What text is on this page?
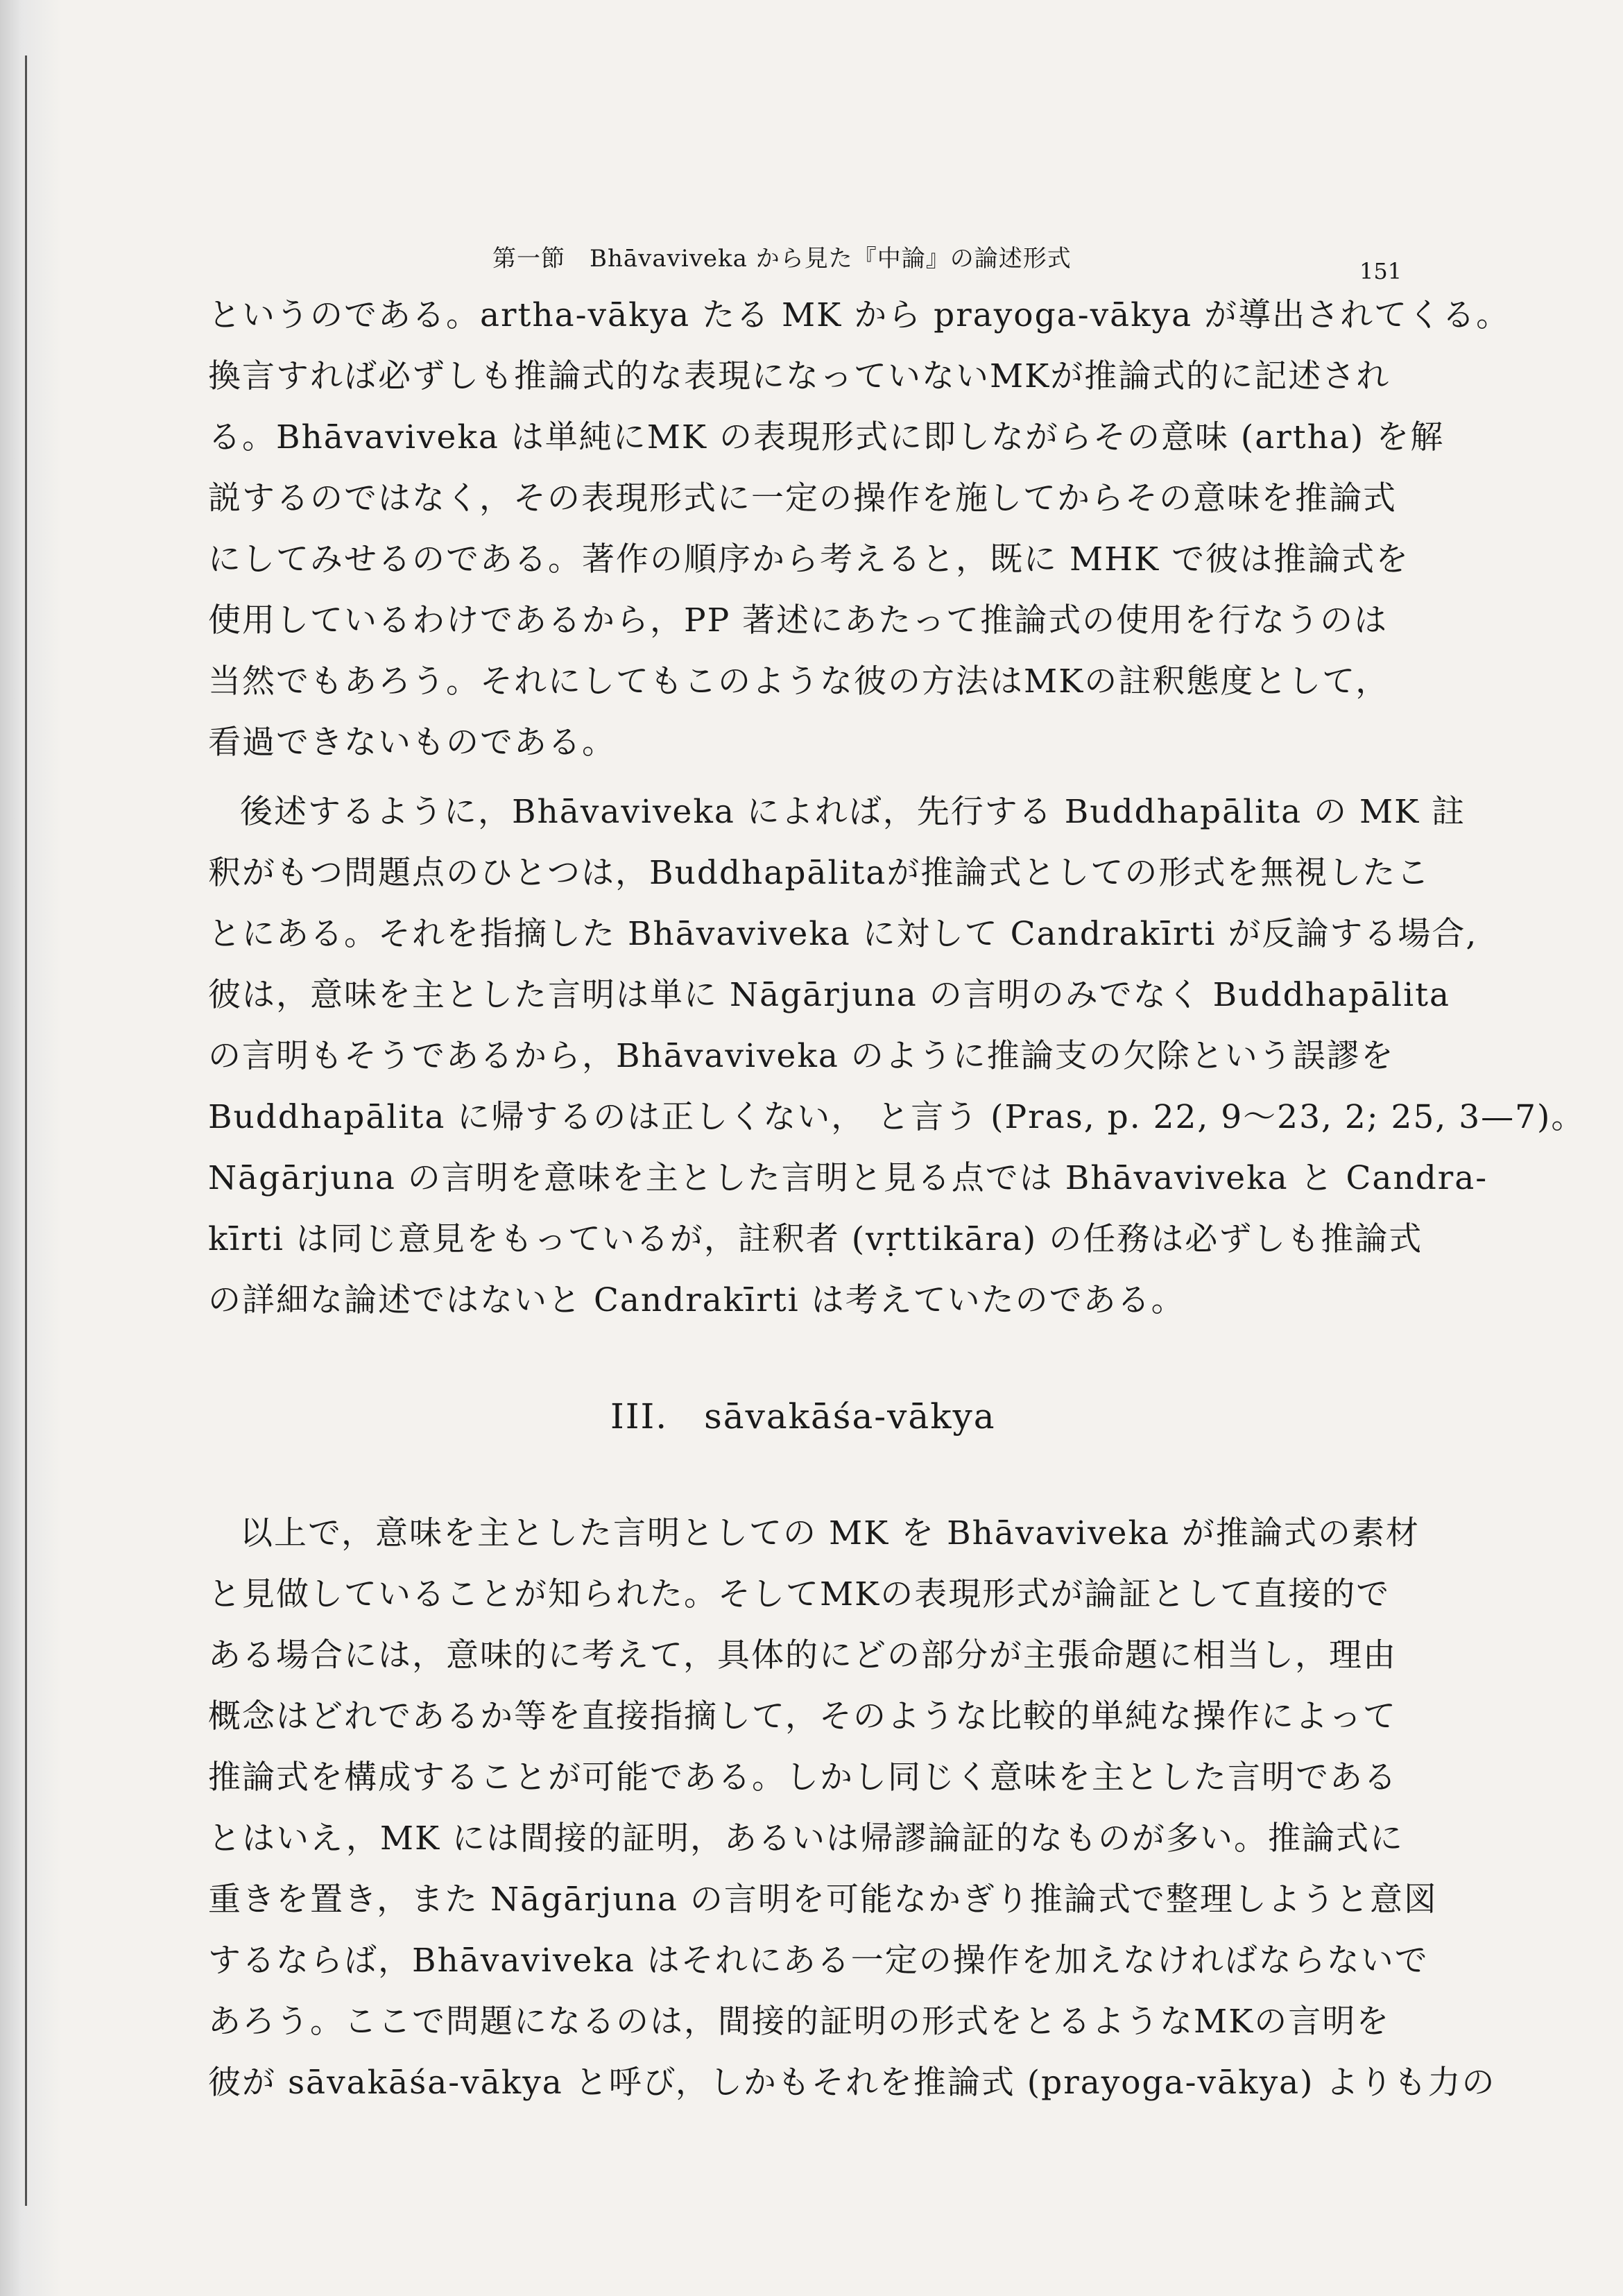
第一節　Bhāvaviveka から見た『中論』の論述形式	151
というのである。artha-vākya たる MK から prayoga-vākya が導出されてくる。
換言すれば必ずしも推論式的な表現になっていないMKが推論式的に記述され
る。Bhāvaviveka は単純にMK の表現形式に即しながらその意味 (artha) を解
説するのではなく，その表現形式に一定の操作を施してからその意味を推論式
にしてみせるのである。著作の順序から考えると，既に MHK で彼は推論式を
使用しているわけであるから，PP 著述にあたって推論式の使用を行なうのは
当然でもあろう。それにしてもこのような彼の方法はMKの註釈態度として，
看過できないものである。
後述するように，Bhāvaviveka によれば，先行する Buddhapālita の MK 註
釈がもつ問題点のひとつは，Buddhapālitaが推論式としての形式を無視したこ
とにある。それを指摘した Bhāvaviveka に対して Candrakīrti が反論する場合,
彼は，意味を主とした言明は単に Nāgārjuna の言明のみでなく Buddhapālita
の言明もそうであるから，Bhāvaviveka のように推論支の欠除という誤謬を
Buddhapālita に帰するのは正しくない， と言う (Pras, p. 22, 9～23, 2; 25, 3—7)。
Nāgārjuna の言明を意味を主とした言明と見る点では Bhāvaviveka と Candra-
kīrti は同じ意見をもっているが，註釈者 (vṛttikāra) の任務は必ずしも推論式
の詳細な論述ではないと Candrakīrti は考えていたのである。
III.　sāvakāśa-vākya
以上で，意味を主とした言明としての MK を Bhāvaviveka が推論式の素材
と見做していることが知られた。そしてMKの表現形式が論証として直接的で
ある場合には，意味的に考えて，具体的にどの部分が主張命題に相当し，理由
概念はどれであるか等を直接指摘して，そのような比較的単純な操作によって
推論式を構成することが可能である。しかし同じく意味を主とした言明である
とはいえ，MK には間接的証明，あるいは帰謬論証的なものが多い。推論式に
重きを置き，また Nāgārjuna の言明を可能なかぎり推論式で整理しようと意図
するならば，Bhāvaviveka はそれにある一定の操作を加えなければならないで
あろう。ここで問題になるのは，間接的証明の形式をとるようなMKの言明を
彼が sāvakāśa-vākya と呼び，しかもそれを推論式 (prayoga-vākya) よりも力の
